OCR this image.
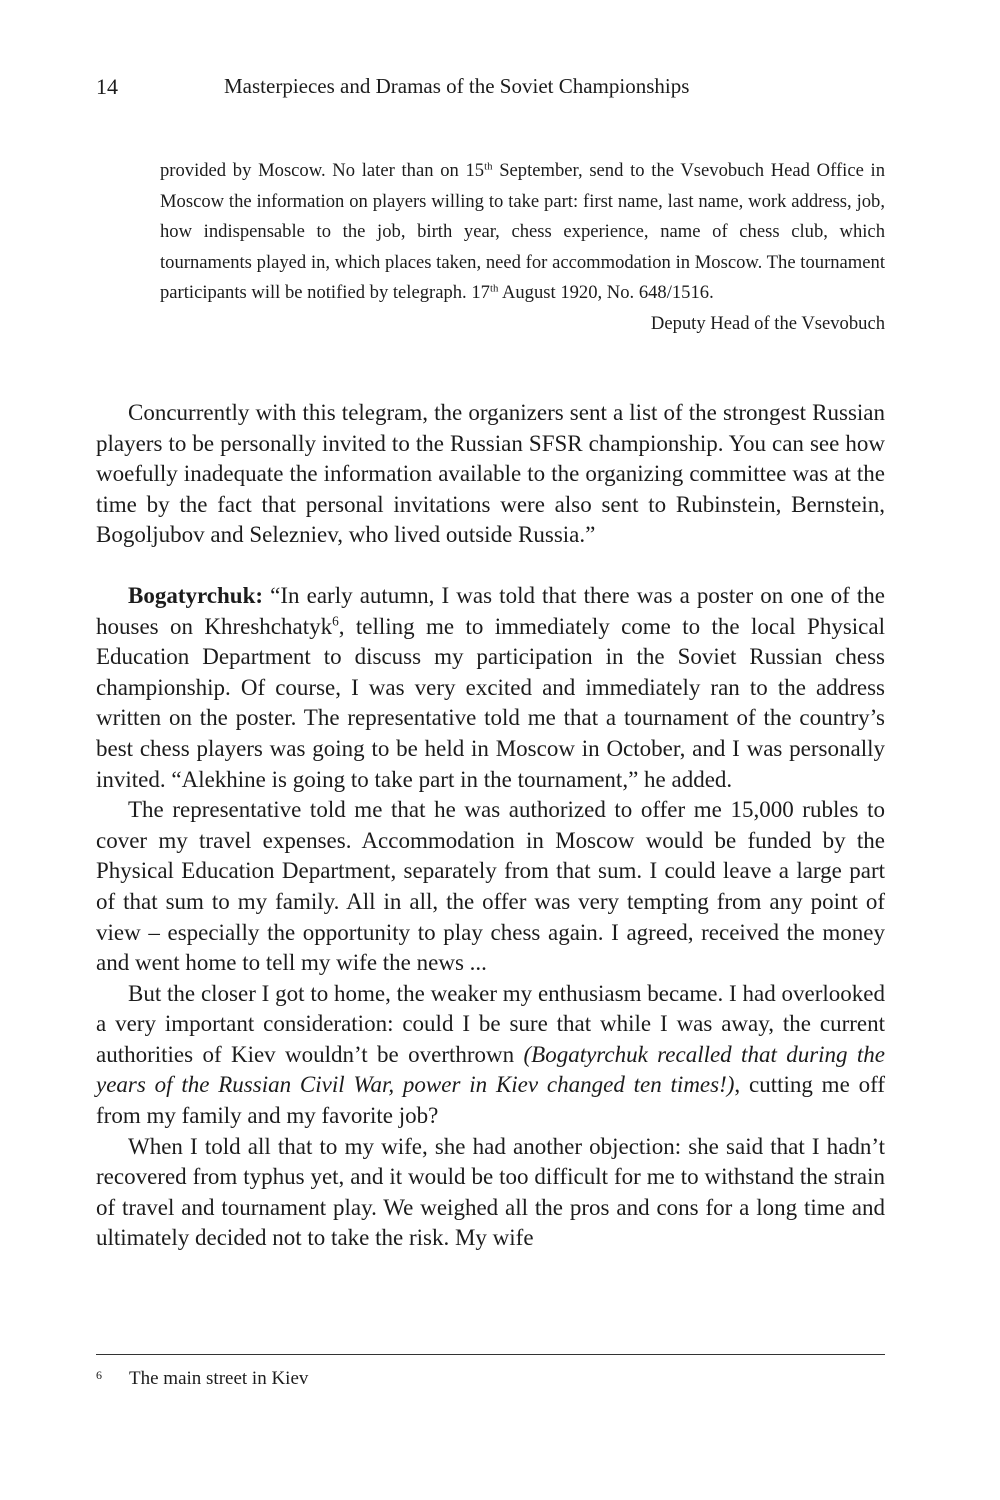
14	Masterpieces and Dramas of the Soviet Championships

provided by Moscow. No later than on 15th September, send to the Vsevobuch Head Office in Moscow the information on players willing to take part: first name, last name, work address, job, how indispensable to the job, birth year, chess experience, name of chess club, which tournaments played in, which places taken, need for accommodation in Moscow. The tournament participants will be notified by telegraph. 17th August 1920, No. 648/1516.

Deputy Head of the Vsevobuch

Concurrently with this telegram, the organizers sent a list of the strongest Russian players to be personally invited to the Russian SFSR championship. You can see how woefully inadequate the information available to the organizing committee was at the time by the fact that personal invitations were also sent to Rubinstein, Bernstein, Bogoljubov and Selezniev, who lived outside Russia.”

Bogatyrchuk: “In early autumn, I was told that there was a poster on one of the houses on Khreshchatyk$^6$, telling me to immediately come to the local Physical Education Department to discuss my participation in the Soviet Russian chess championship. Of course, I was very excited and immediately ran to the address written on the poster. The representative told me that a tournament of the country’s best chess players was going to be held in Moscow in October, and I was personally invited. “Alekhine is going to take part in the tournament,” he added.

The representative told me that he was authorized to offer me 15,000 rubles to cover my travel expenses. Accommodation in Moscow would be funded by the Physical Education Department, separately from that sum. I could leave a large part of that sum to my family. All in all, the offer was very tempting from any point of view – especially the opportunity to play chess again. I agreed, received the money and went home to tell my wife the news ...

But the closer I got to home, the weaker my enthusiasm became. I had overlooked a very important consideration: could I be sure that while I was away, the current authorities of Kiev wouldn’t be overthrown (Bogatyrchuk recalled that during the years of the Russian Civil War, power in Kiev changed ten times!), cutting me off from my family and my favorite job?

When I told all that to my wife, she had another objection: she said that I hadn’t recovered from typhus yet, and it would be too difficult for me to withstand the strain of travel and tournament play. We weighed all the pros and cons for a long time and ultimately decided not to take the risk. My wife

6 The main street in Kiev
